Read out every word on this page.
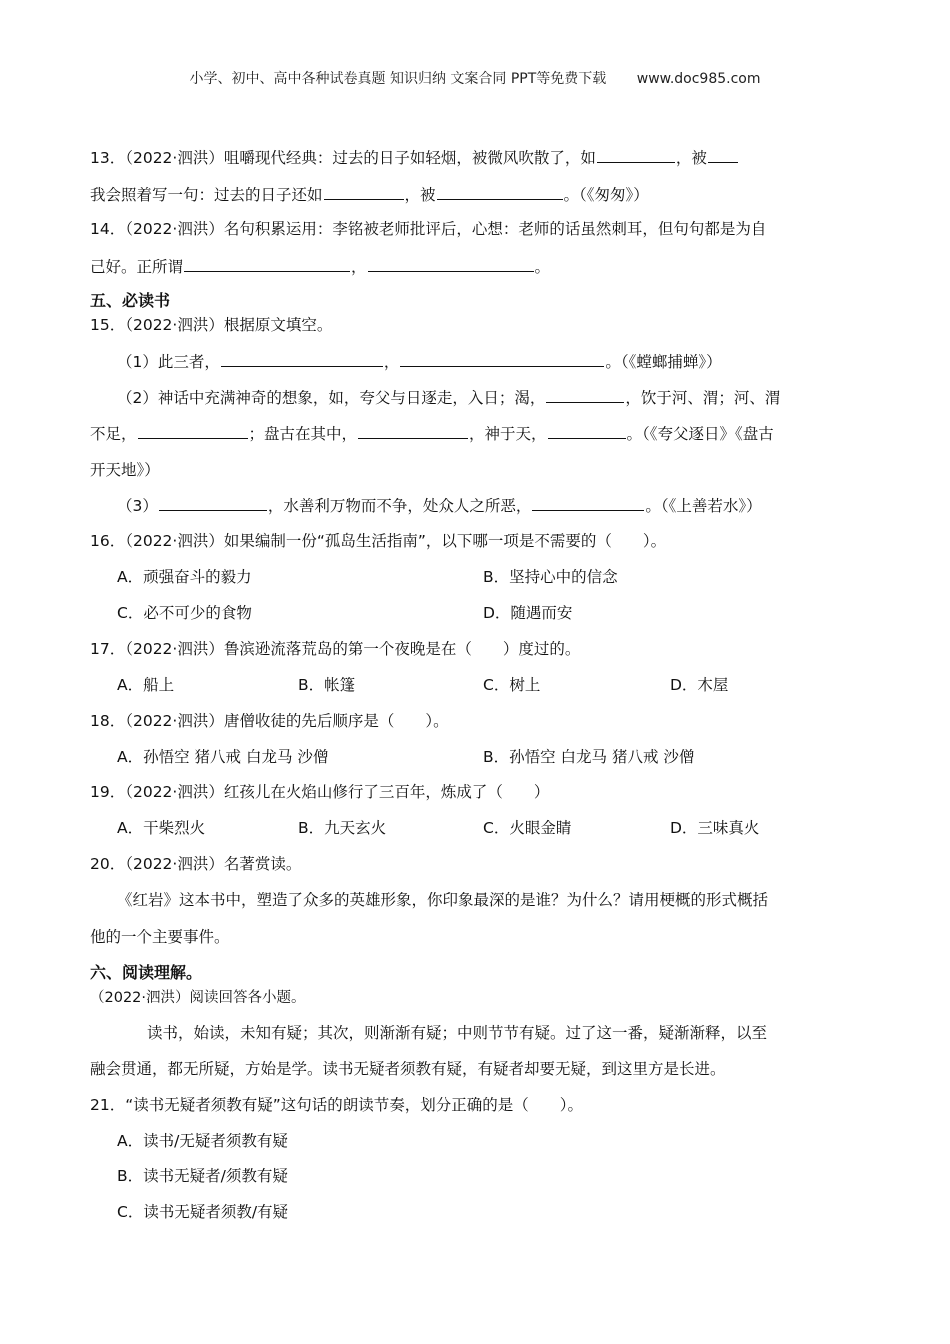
小学、初中、高中各种试卷真题 知识归纳 文案合同 PPT等免费下载 www.doc985.com
13．（2022·泗洪）咀嚼现代经典：过去的日子如轻烟，被微风吹散了，如	，被
我会照着写一句：过去的日子还如	，被	。（《匆匆》）
14．（2022·泗洪）名句积累运用：李铭被老师批评后，心想：老师的话虽然刺耳，但句句都是为自
己好。正所谓	，	。
五、必读书
15．（2022·泗洪）根据原文填空。
（1）此三者，	，	。（《螳螂捕蝉》）
（2）神话中充满神奇的想象，如，夸父与日逐走，入日；渴，	，饮于河、渭；河、渭
不足，	；盘古在其中，	，神于天，	。（《夸父逐日》《盘古
开天地》）
（3）	，水善利万物而不争，处众人之所恶，	。（《上善若水》）
16．（2022·泗洪）如果编制一份“孤岛生活指南”，以下哪一项是不需要的（　　）。
A．顽强奋斗的毅力	B．坚持心中的信念
C．必不可少的食物	D．随遇而安
17．（2022·泗洪）鲁滨逊流落荒岛的第一个夜晚是在（　　）度过的。
A．船上	B．帐篷	C．树上	D．木屋
18．（2022·泗洪）唐僧收徒的先后顺序是（　　）。
A．孙悟空 猪八戒 白龙马 沙僧	B．孙悟空 白龙马 猪八戒 沙僧
19．（2022·泗洪）红孩儿在火焰山修行了三百年，炼成了（　　）
A．干柴烈火	B．九天玄火	C．火眼金睛	D．三味真火
20．（2022·泗洪）名著赏读。
《红岩》这本书中，塑造了众多的英雄形象，你印象最深的是谁？为什么？请用梗概的形式概括
他的一个主要事件。
六、阅读理解。
（2022·泗洪）阅读回答各小题。
读书，始读，未知有疑；其次，则渐渐有疑；中则节节有疑。过了这一番，疑渐渐释，以至
融会贯通，都无所疑，方始是学。读书无疑者须教有疑，有疑者却要无疑，到这里方是长进。
21．“读书无疑者须教有疑”这句话的朗读节奏，划分正确的是（　　）。
A．读书/无疑者须教有疑
B．读书无疑者/须教有疑
C．读书无疑者须教/有疑
